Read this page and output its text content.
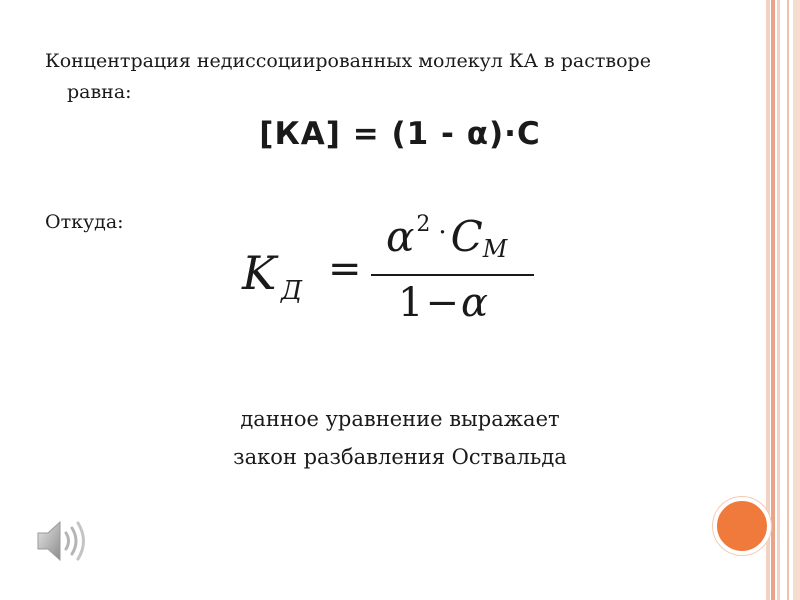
Концентрация недиссоциированных молекул КА в растворе
равна:

[КА] = (1 - α)·С

Откуда:

K Д =
$\alpha^2$ ·CM
1−α
данное уравнение выражает
закон разбавления Оствальда
